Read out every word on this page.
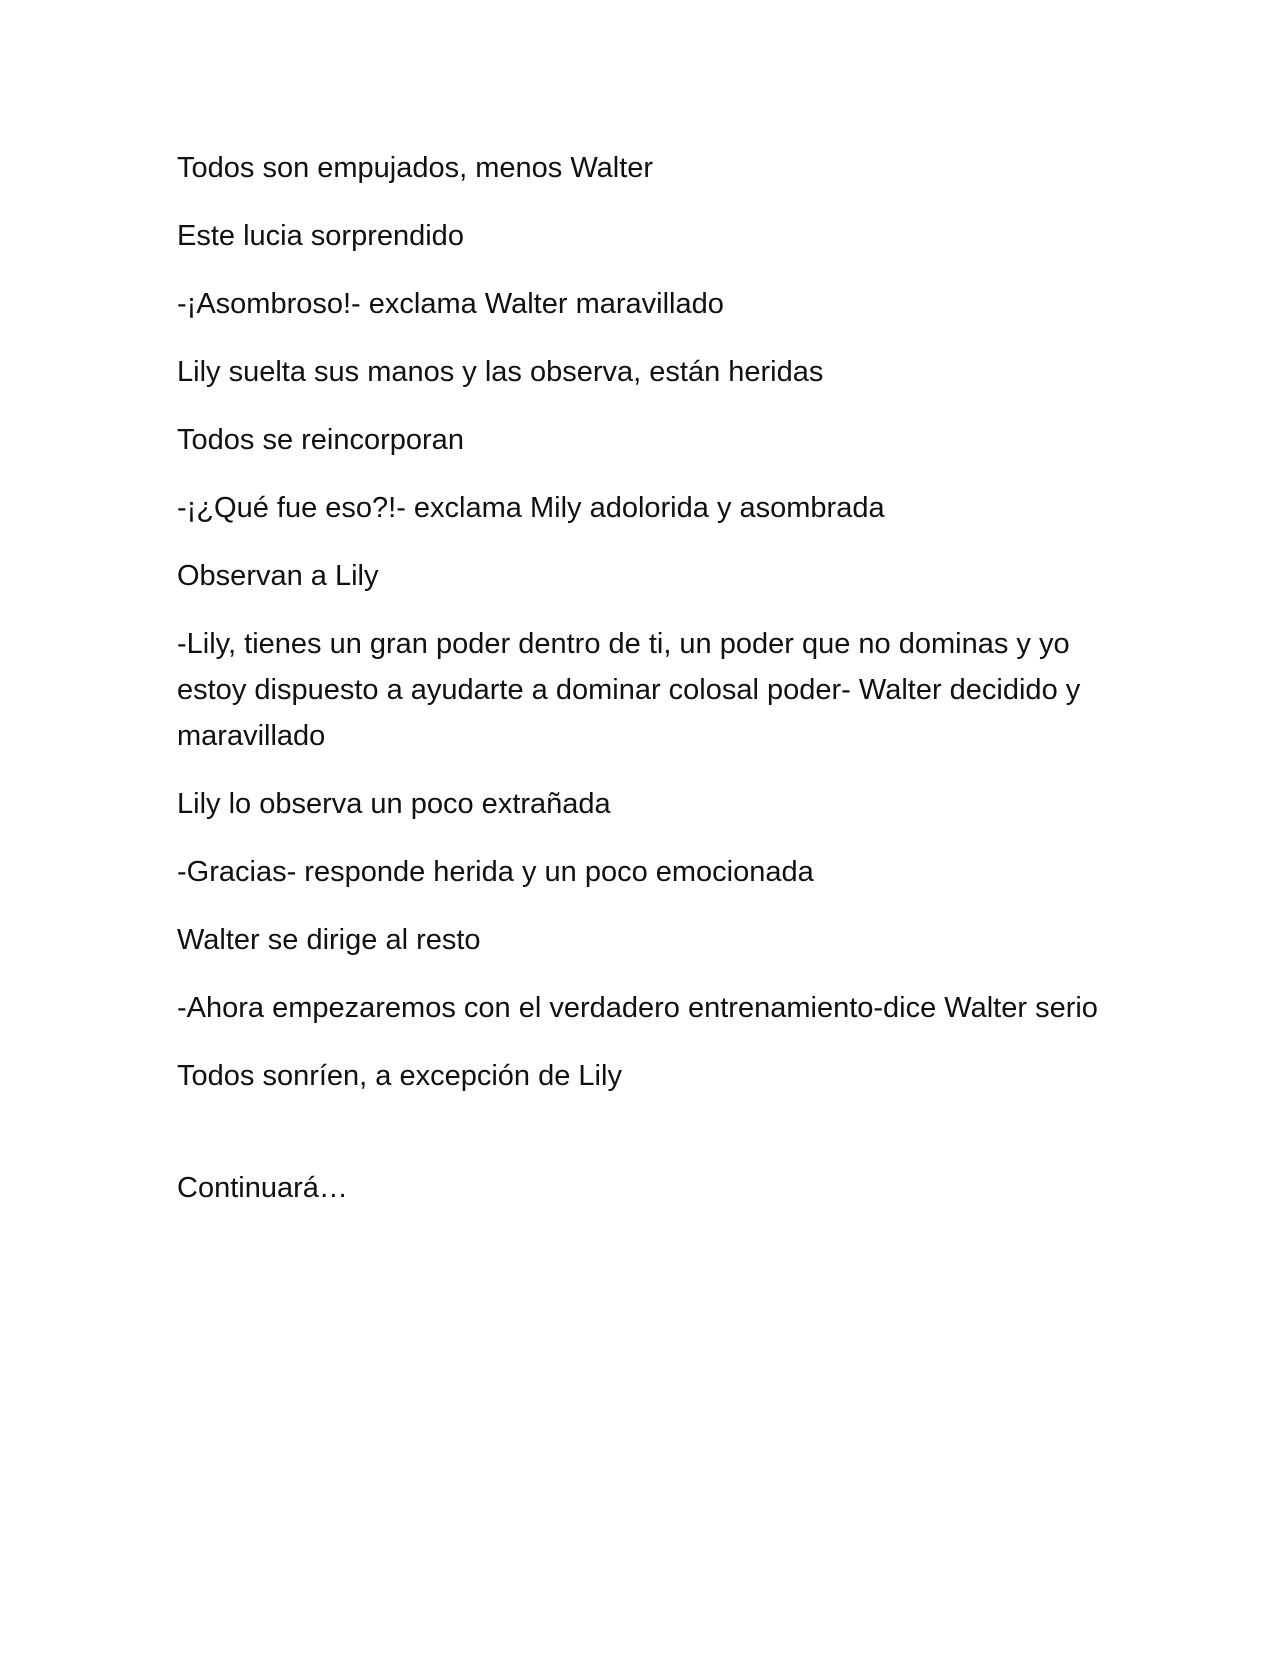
Todos son empujados, menos Walter

Este lucia sorprendido

-¡Asombroso!- exclama Walter maravillado

Lily suelta sus manos y las observa, están heridas

Todos se reincorporan

-¡¿Qué fue eso?!- exclama Mily adolorida y asombrada

Observan a Lily

-Lily, tienes un gran poder dentro de ti, un poder que no dominas y yo estoy dispuesto a ayudarte a dominar colosal poder- Walter decidido y maravillado

Lily lo observa un poco extrañada

-Gracias- responde herida y un poco emocionada

Walter se dirige al resto

-Ahora empezaremos con el verdadero entrenamiento-dice Walter serio

Todos sonríen, a excepción de Lily

Continuará…
